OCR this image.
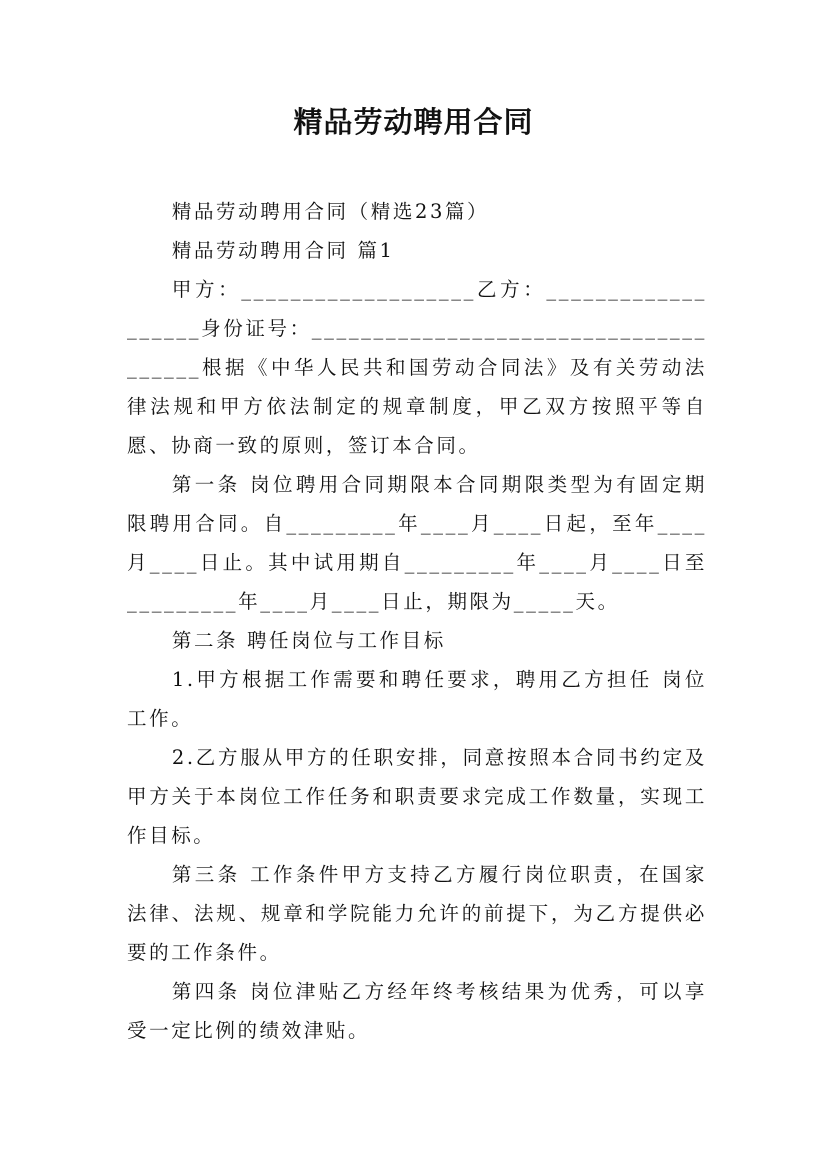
精品劳动聘用合同

精品劳动聘用合同（精选23篇）

精品劳动聘用合同 篇1

甲方：___________________乙方：___________________身份证号：______________________________________根据《中华人民共和国劳动合同法》及有关劳动法律法规和甲方依法制定的规章制度，甲乙双方按照平等自愿、协商一致的原则，签订本合同。

第一条 岗位聘用合同期限本合同期限类型为有固定期限聘用合同。自_________年____月____日起，至年____月____日止。其中试用期自_________年____月____日至_________年____月____日止，期限为_____天。

第二条 聘任岗位与工作目标

1.甲方根据工作需要和聘任要求，聘用乙方担任 岗位工作。

2.乙方服从甲方的任职安排，同意按照本合同书约定及甲方关于本岗位工作任务和职责要求完成工作数量，实现工作目标。

第三条 工作条件甲方支持乙方履行岗位职责，在国家法律、法规、规章和学院能力允许的前提下，为乙方提供必要的工作条件。

第四条 岗位津贴乙方经年终考核结果为优秀，可以享受一定比例的绩效津贴。
